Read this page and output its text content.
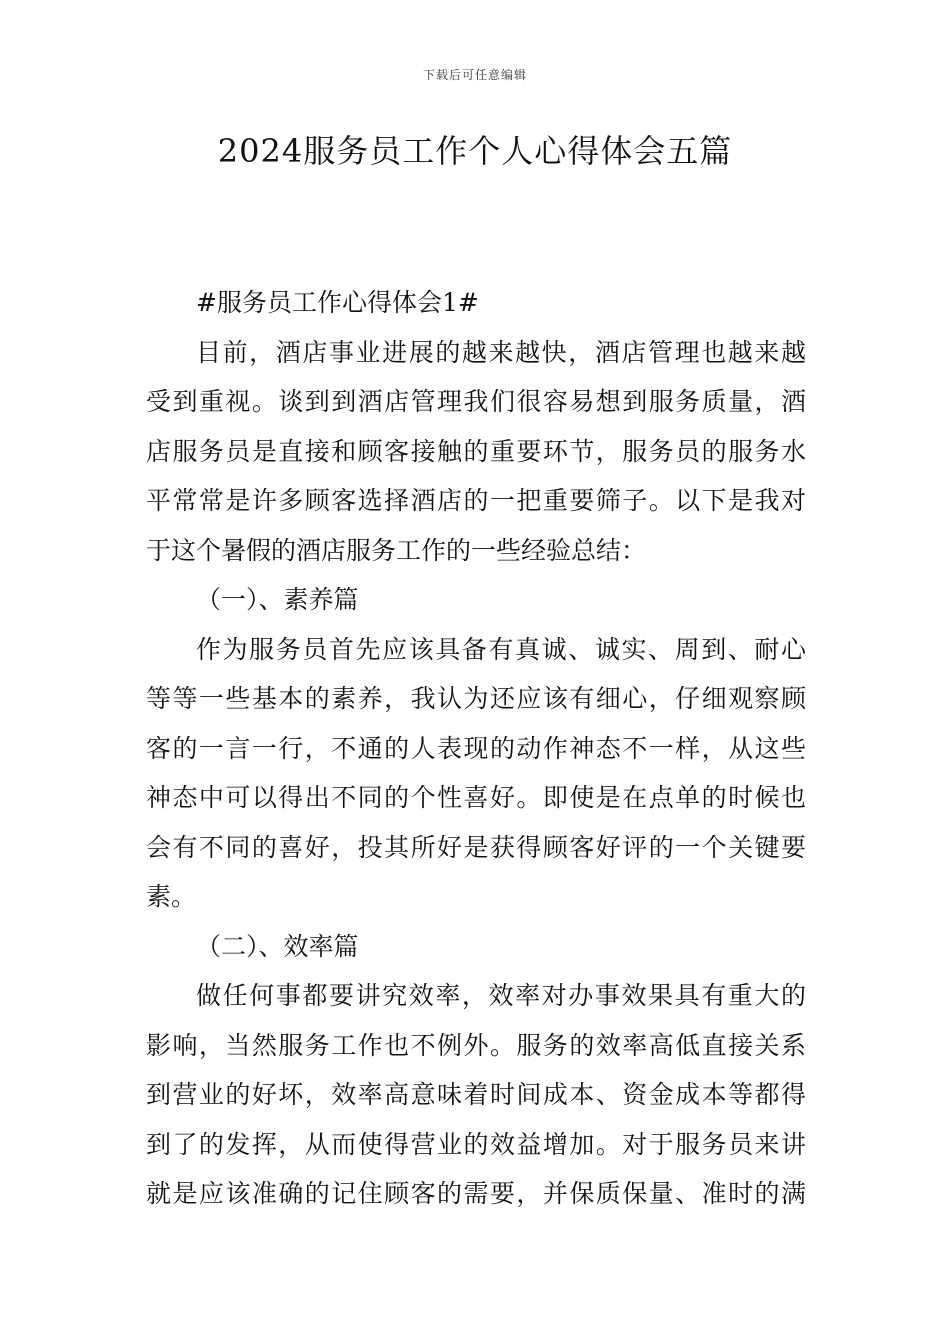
下载后可任意编辑
2024服务员工作个人心得体会五篇
#服务员工作心得体会1#
目前，酒店事业进展的越来越快，酒店管理也越来越
受到重视。谈到到酒店管理我们很容易想到服务质量，酒
店服务员是直接和顾客接触的重要环节，服务员的服务水
平常常是许多顾客选择酒店的一把重要筛子。以下是我对
于这个暑假的酒店服务工作的一些经验总结：
（一）、素养篇
作为服务员首先应该具备有真诚、诚实、周到、耐心
等等一些基本的素养，我认为还应该有细心，仔细观察顾
客的一言一行，不通的人表现的动作神态不一样，从这些
神态中可以得出不同的个性喜好。即使是在点单的时候也
会有不同的喜好，投其所好是获得顾客好评的一个关键要
素。
（二）、效率篇
做任何事都要讲究效率，效率对办事效果具有重大的
影响，当然服务工作也不例外。服务的效率高低直接关系
到营业的好坏，效率高意味着时间成本、资金成本等都得
到了的发挥，从而使得营业的效益增加。对于服务员来讲
就是应该准确的记住顾客的需要，并保质保量、准时的满
